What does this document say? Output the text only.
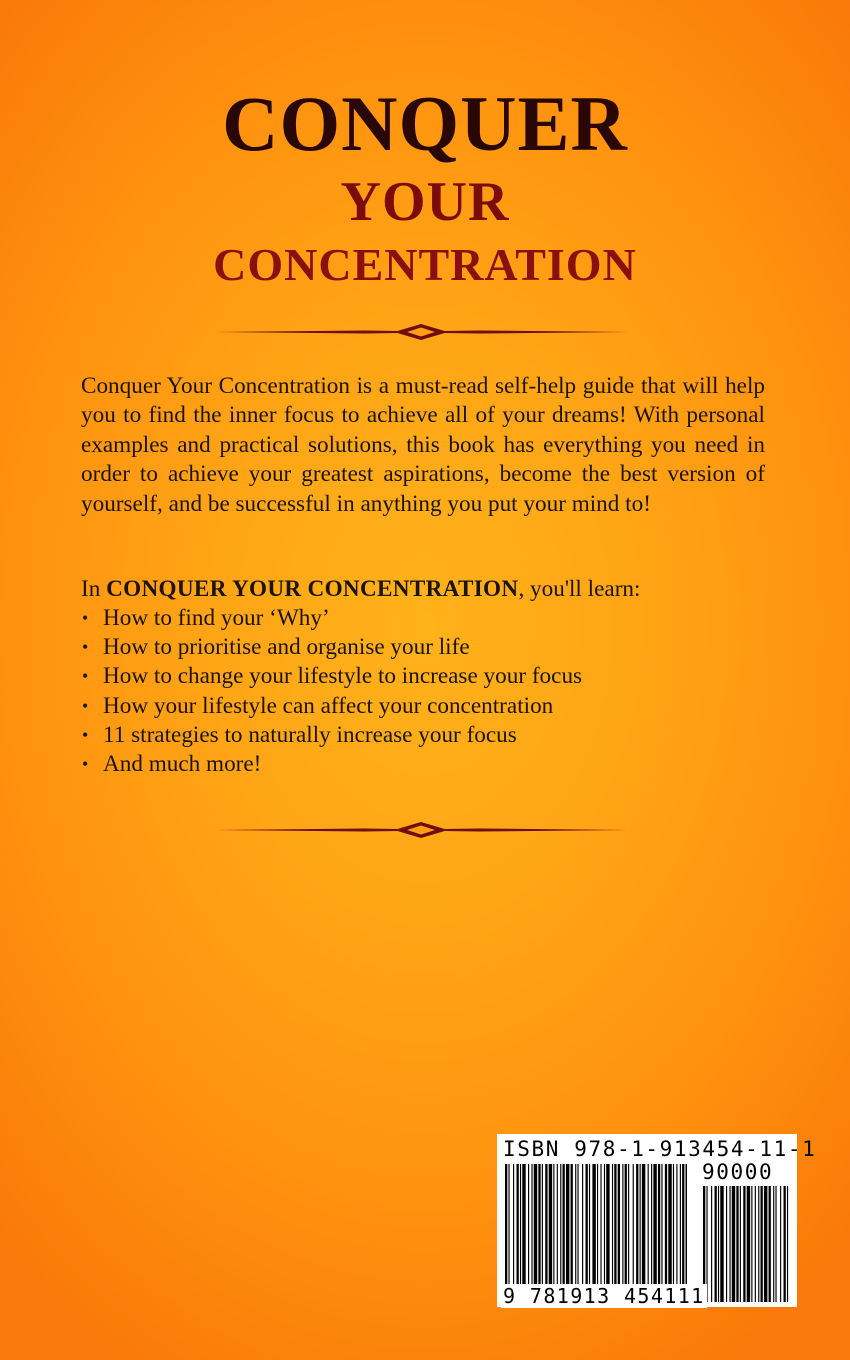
CONQUER
YOUR
CONCENTRATION

Conquer Your Concentration is a must-read self-help guide that will help you to find the inner focus to achieve all of your dreams! With personal examples and practical solutions, this book has everything you need in order to achieve your greatest aspirations, become the best version of yourself, and be successful in anything you put your mind to!

In CONQUER YOUR CONCENTRATION, you'll learn:

• How to find your ‘Why’
• How to prioritise and organise your life
• How to change your lifestyle to increase your focus
• How your lifestyle can affect your concentration
• 11 strategies to naturally increase your focus
• And much more!

ISBN 978-1-913454-11-1

90000

9 781913 454111
